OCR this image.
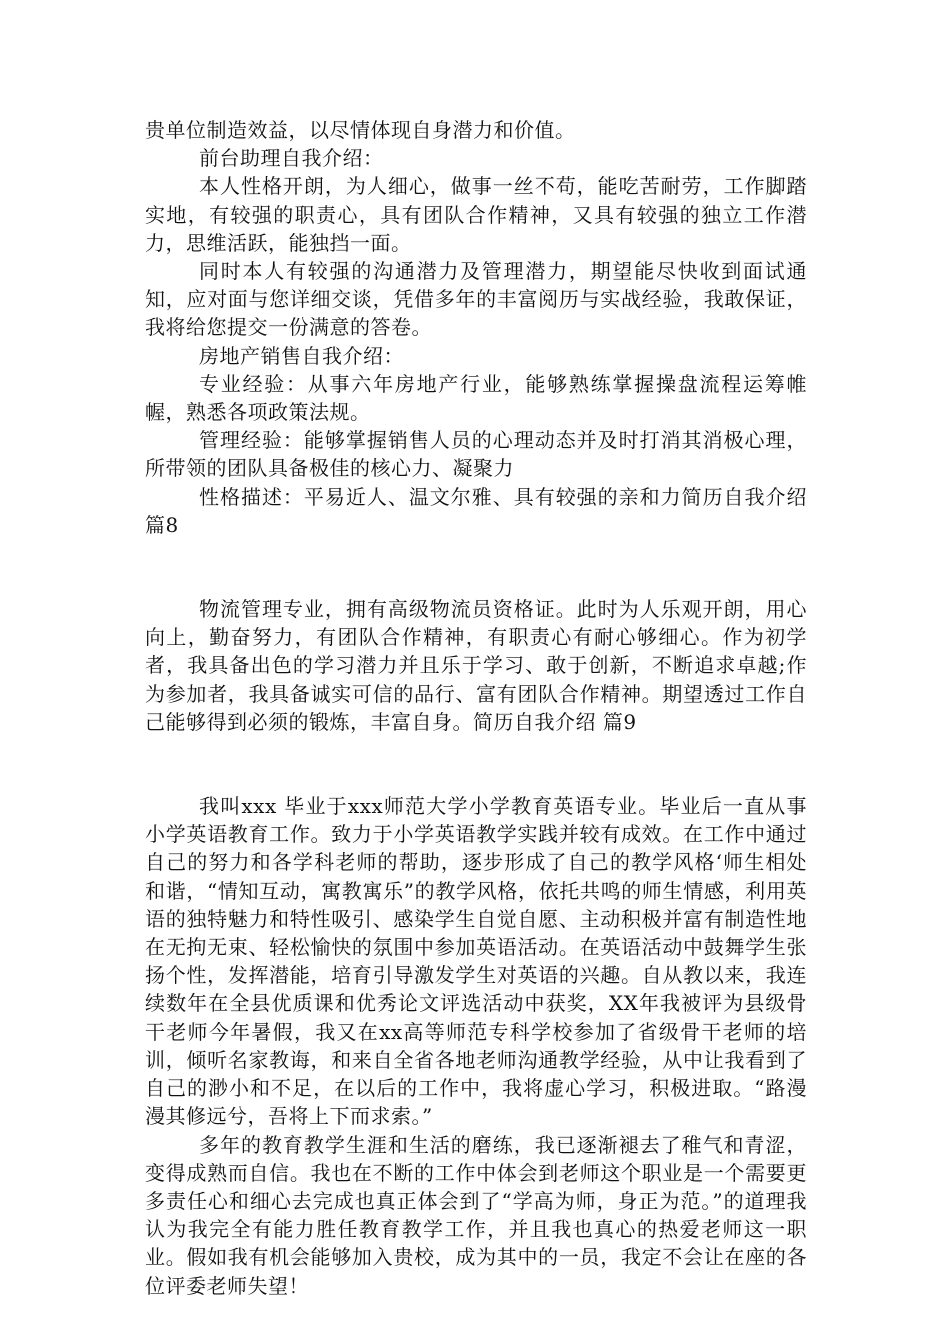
贵单位制造效益，以尽情体现自身潜力和价值。

前台助理自我介绍：

本人性格开朗，为人细心，做事一丝不苟，能吃苦耐劳，工作脚踏实地，有较强的职责心，具有团队合作精神，又具有较强的独立工作潜力，思维活跃，能独挡一面。

同时本人有较强的沟通潜力及管理潜力，期望能尽快收到面试通知，应对面与您详细交谈，凭借多年的丰富阅历与实战经验，我敢保证，我将给您提交一份满意的答卷。

房地产销售自我介绍：

专业经验：从事六年房地产行业，能够熟练掌握操盘流程运筹帷幄，熟悉各项政策法规。

管理经验：能够掌握销售人员的心理动态并及时打消其消极心理，所带领的团队具备极佳的核心力、凝聚力

性格描述：平易近人、温文尔雅、具有较强的亲和力简历自我介绍 篇8

物流管理专业，拥有高级物流员资格证。此时为人乐观开朗，用心向上，勤奋努力，有团队合作精神，有职责心有耐心够细心。作为初学者，我具备出色的学习潜力并且乐于学习、敢于创新，不断追求卓越;作为参加者，我具备诚实可信的品行、富有团队合作精神。期望透过工作自己能够得到必须的锻炼，丰富自身。简历自我介绍 篇9

我叫xxx 毕业于xxx师范大学小学教育英语专业。毕业后一直从事小学英语教育工作。致力于小学英语教学实践并较有成效。在工作中通过自己的努力和各学科老师的帮助，逐步形成了自己的教学风格‘师生相处和谐，“情知互动，寓教寓乐”的教学风格，依托共鸣的师生情感，利用英语的独特魅力和特性吸引、感染学生自觉自愿、主动积极并富有制造性地在无拘无束、轻松愉快的氛围中参加英语活动。在英语活动中鼓舞学生张扬个性，发挥潜能，培育引导激发学生对英语的兴趣。自从教以来，我连续数年在全县优质课和优秀论文评选活动中获奖，XX年我被评为县级骨干老师今年暑假，我又在xx高等师范专科学校参加了省级骨干老师的培训，倾听名家教诲，和来自全省各地老师沟通教学经验，从中让我看到了自己的渺小和不足，在以后的工作中，我将虚心学习，积极进取。“路漫漫其修远兮，吾将上下而求索。”

多年的教育教学生涯和生活的磨练，我已逐渐褪去了稚气和青涩，变得成熟而自信。我也在不断的工作中体会到老师这个职业是一个需要更多责任心和细心去完成也真正体会到了“学高为师，身正为范。”的道理我认为我完全有能力胜任教育教学工作，并且我也真心的热爱老师这一职业。假如我有机会能够加入贵校，成为其中的一员，我定不会让在座的各位评委老师失望！
